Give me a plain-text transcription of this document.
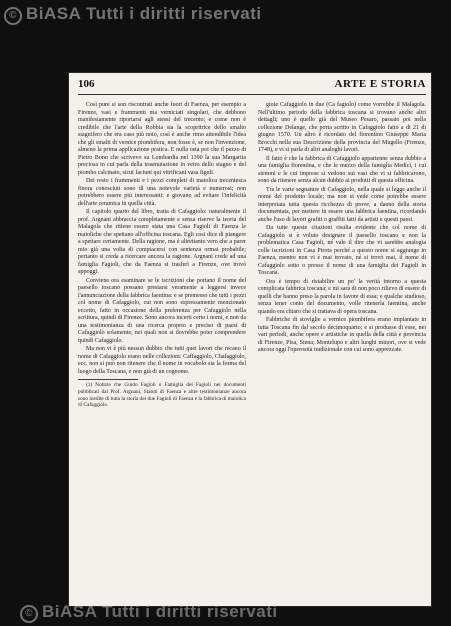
© BiASA Tutti i diritti riservati
106	ARTE E STORIA

Così pure si son riscontrati anche fuori di Faenza, per esempio a Firenze, vasi e frammenti ma verniciati singolari, che debbono manifestamente riportarsi agli stessi del trecento; e come non è credibile che l'arte della Robbia sia la scopritrice dello smalto stagnifero che era caso più noto, così è anche rimo attendibile l'idea che gli smalti di vernice piombifera, non fosse è, se non l'invenzione, almeno la prima applicazione pratica. E nulla osta poi che il pezzo di Pietro Bono che scrivevo su Lombardia nel 1390 la sua Margarita preciosa in cui parla della trasmutazione in vetro dello stagno e del piombo calcinato, sicut faciunt qui vitrificant vasa figuli.

Dei resto i frammenti e i pezzi completi di maiolica trecentesca finora conosciuti sono di una notevole varietà e numerosi; non potrebbero essere più interessanti: e giovano ad evitare l'infelicità dell'arte ceramica in quella città.

Il capitolo quarto del libro, tratta di Cafaggiolo: naturalmente il prof. Argnani abbraccia completamente e senza riserve la teoria del Malagola che ritiene essere stata una Casa Fagioli di Faenza le maioliche che spettano all'officina toscana. Egli cosi dice di piangere a spettare certamente. Della ragione, ma è altrettanto vero che a parer mio già una volta di compiacersi con sentenza ormai probabile; pertanto si creda a ricercare ancora la ragione. Argnani crede ad una famiglia Fagioli, che da Faenza si trasferì a Firenze, ove trovò appoggi.

Conviene ora esaminare se le iscrizioni che portano il nome del paesello toscano possano prestarsi veramente a leggersi invece l'annunciazione della fabbrica faentina: e se premesso che tutti i pezzi col nome di Cafaggiolo, cui non sono espressamente menzionato eccetto, fatto in occasione della preferenza per Cafaggiolo nella scrittura, quindi di Firenze. Sono ancora incerti certo i nomi, e non da una testimonianza di una ricerca proprio e preciso di paesi di Cafaggiolo solamente, nei quali non si dovrebbe poter comprendere quindi Cafaggiolo.

Ma non vi è più nessun dubbio che tutti quei lavori che recano il nome di Cafaggiolo erano nelle collezioni: Caffaggiolo, Chafaggiolo, ecc. non si può non ritenere che il nome in vocabolo sia la forma del luogo della Toscana, e non già di un cognome.

(1) Notizie che Guido Fagioli o Famiglia dei Fagioli nei documenti pubblicati dal Prof. Argnani, Statuti di Faenza e altre testimonianze ancora sono inedite di tutta la storia dei due Fagioli di Faenza e la fabbrica di maiolica di Cafaggiolo.

gioie Cafaggiolo in due (Ca fagiolo) come vorrebbe il Malagola. Nell'ultimo periodo della fabbrica toscana si trovano anche altri dettagli; uno è quello già del Museo Pesaro, passato poi nella collezione Delange, che porta scritto in Cafaggiolo fatto a di 21 di giugno 1570. Un altro è ricordato del fiorentino Giuseppe Maria Brocchi nella sua Descrizione della provincia del Mugello (Firenze, 1748), e vi si parla di altri analoghi lavori.

Il fatto è che la fabbrica di Cafaggiolo appartenne senza dubbio a una famiglia fiorentina, e che le mezzo della famiglia Medici, i cui stemmi e le cui imprese si vedono sui vasi che vi si fabbricarono, sono da ritenere senza alcun dubbio ai prodotti di questa officina.

Tra le varie segnature di Cafaggiolo, nella quale si legge anche il nome del prodotto locale; ma non si vede come potrebbe essere interpretata tutta questa ricchezza di prove, a danno della storia documentata, per mettere in essere una fabbrica faentina, ricordando anche l'uso di lavori grafiti o graffiti fatti da artisti e questi paesi.

Da tutte queste citazioni risulta evidente che col nome di Cafaggiolo si è voluto designare il paesello toscano e non la problematica Casa Fagioli, né vale il dire che vi sarebbe analogia colle iscrizioni in Casa Pirota perché a questo nome si aggiunge in Faenza, mentre non vi è mai trovato, né si trovò mai, il nome di Cafaggiolo sotto o presso il nome di una famiglia dei Fagioli in Toscana.

Ora è tempo di ristabilire un po' la verità intorno a questa complicata fabbrica toscana; e mi sarà di non poco rilievo di essere di quelli che hanno preso la parola in favore di essa; e qualche studioso, senza tener conto del documento, volle ritenerla faentina, anche quando era chiaro che si trattava di opera toscana.

Fabbriche di stoviglie a vernice piombifera erano impiantate in tutta Toscana fin dal secolo decimoquarto; e si produsse di esse, nei vari periodi, anche opere e artistiche in quella della città e provincia di Firenze, Pisa, Siena; Montelupo e altri luoghi minori, ove si vede ancora oggi l'operosità tradizionale con cui sono apprezzate.

© BiASA Tutti i diritti riservati
